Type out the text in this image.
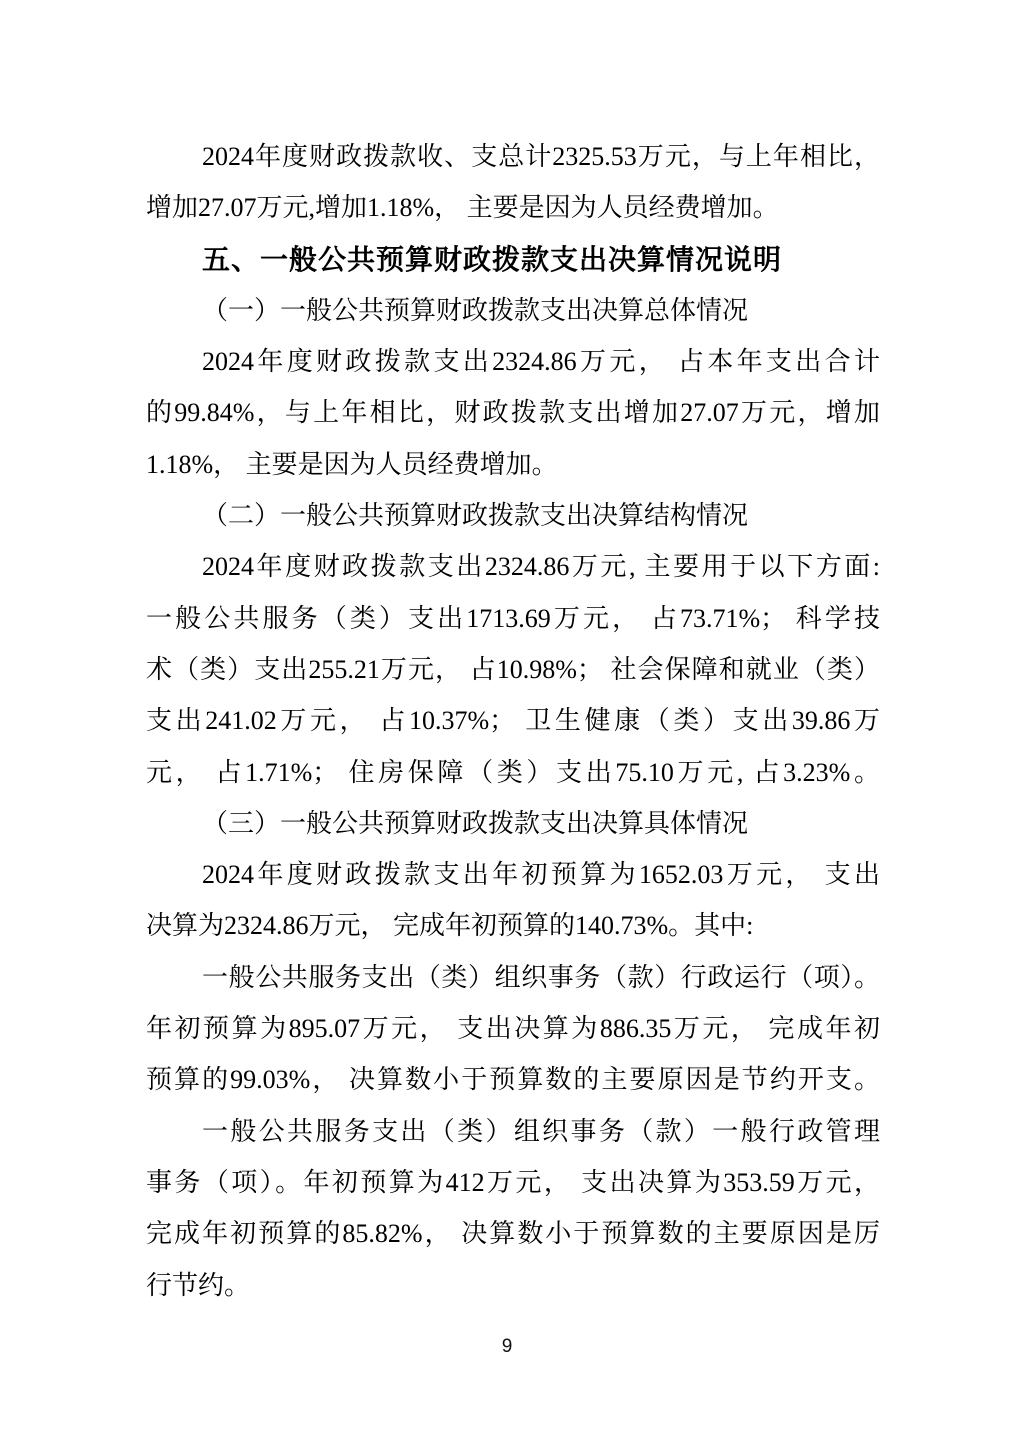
2024年度财政拨款收、支总计2325.53万元，与上年相比，

增加27.07万元,增加1.18%， 主要是因为人员经费增加。

五、一般公共预算财政拨款支出决算情况说明

（一）一般公共预算财政拨款支出决算总体情况

2024年度财政拨款支出2324.86万元， 占本年支出合计

的99.84%，与上年相比，财政拨款支出增加27.07万元，增加

1.18%， 主要是因为人员经费增加。

（二）一般公共预算财政拨款支出决算结构情况

2024年度财政拨款支出2324.86万元, 主要用于以下方面:

一般公共服务（类）支出1713.69万元， 占73.71%； 科学技

术（类）支出255.21万元， 占10.98%； 社会保障和就业（类）

支出241.02万元， 占10.37%； 卫生健康（类）支出39.86万

元， 占1.71%； 住房保障（类）支出75.10万元, 占3.23%。

（三）一般公共预算财政拨款支出决算具体情况

2024年度财政拨款支出年初预算为1652.03万元， 支出

决算为2324.86万元， 完成年初预算的140.73%。其中:

一般公共服务支出（类）组织事务（款）行政运行（项）。

年初预算为895.07万元， 支出决算为886.35万元， 完成年初

预算的99.03%， 决算数小于预算数的主要原因是节约开支。

一般公共服务支出（类）组织事务（款）一般行政管理

事务（项）。年初预算为412万元， 支出决算为353.59万元，

完成年初预算的85.82%， 决算数小于预算数的主要原因是厉

行节约。

9
